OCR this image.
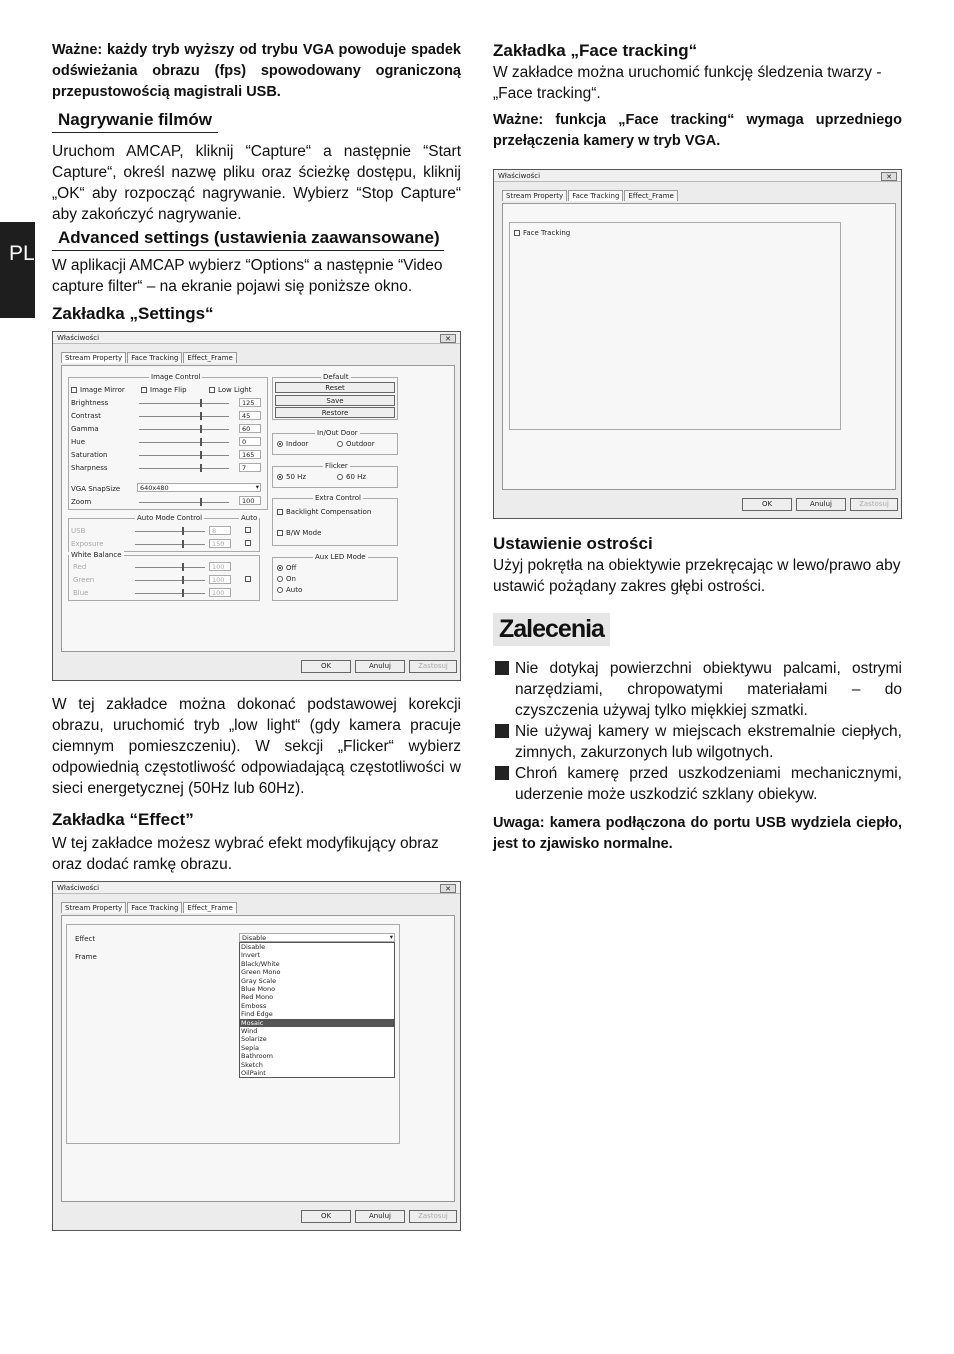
PL

Ważne: każdy tryb wyższy od trybu VGA powoduje spadek odświeżania obrazu (fps) spowodowany ograniczoną przepustowością magistrali USB.

Nagrywanie filmów

Uruchom AMCAP, kliknij “Capture“ a następnie “Start Capture“, określ nazwę pliku oraz ścieżkę dostępu, kliknij „OK“ aby rozpocząć nagrywanie. Wybierz “Stop Capture“ aby zakończyć nagrywanie.

Advanced settings (ustawienia zaawansowane)

W aplikacji AMCAP wybierz “Options“ a następnie “Video capture filter“ – na ekranie pojawi się poniższe okno.

Zakładka „Settings“
Właściwości	✕
Stream Property Face Tracking Effect_Frame
Image Control
Image Mirror	Image Flip	Low Light
Brightness	125
Contrast	45
Gamma	60
Hue	0
Saturation	165
Sharpness	7
VGA SnapSize	640x480	▾
Zoom	100
Default
Reset
Save
Restore
In/Out Door
Indoor	Outdoor
Flicker
50 Hz	60 Hz
Extra Control
Backlight Compensation
B/W Mode
Auto Mode Control	Auto
USB	8
Exposure	150
White Balance
Red	100
Green	100
Blue	100
Aux LED Mode
Off
On
Auto
OK	Anuluj	Zastosuj

W tej zakładce można dokonać podstawowej korekcji obrazu, uruchomić tryb „low light“ (gdy kamera pracuje ciemnym pomieszczeniu). W sekcji „Flicker“ wybierz odpowiednią częstotliwość odpowiadającą częstotliwości w sieci energetycznej (50Hz lub 60Hz).

Zakładka “Effect”

W tej zakładce możesz wybrać efekt modyfikujący obraz oraz dodać ramkę obrazu.

Właściwości	✕
Stream Property Face Tracking Effect_Frame
Effect
Frame
Disable	▾
Disable
Invert
Black/White
Green Mono
Gray Scale
Blue Mono
Red Mono
Emboss
Find Edge
Mosaic
Wind
Solarize
Sepia
Bathroom
Sketch
OilPaint
OK	Anuluj	Zastosuj
Zakładka „Face tracking“

W zakładce można uruchomić funkcję śledzenia twarzy - „Face tracking“.

Ważne: funkcja „Face tracking“ wymaga uprzedniego przełączenia kamery w tryb VGA.

Właściwości	✕
Stream Property Face Tracking Effect_Frame
Face Tracking
OK	Anuluj	Zastosuj
Ustawienie ostrości

Użyj pokrętła na obiektywie przekręcając w lewo/prawo aby ustawić pożądany zakres głębi ostrości.

Zalecenia
Nie dotykaj powierzchni obiektywu palcami, ostrymi narzędziami, chropowatymi materiałami – do czyszczenia używaj tylko miękkiej szmatki.
Nie używaj kamery w miejscach ekstremalnie ciepłych, zimnych, zakurzonych lub wilgotnych.
Chroń kamerę przed uszkodzeniami mechanicznymi, uderzenie może uszkodzić szklany obiekyw.

Uwaga: kamera podłączona do portu USB wydziela ciepło, jest to zjawisko normalne.
